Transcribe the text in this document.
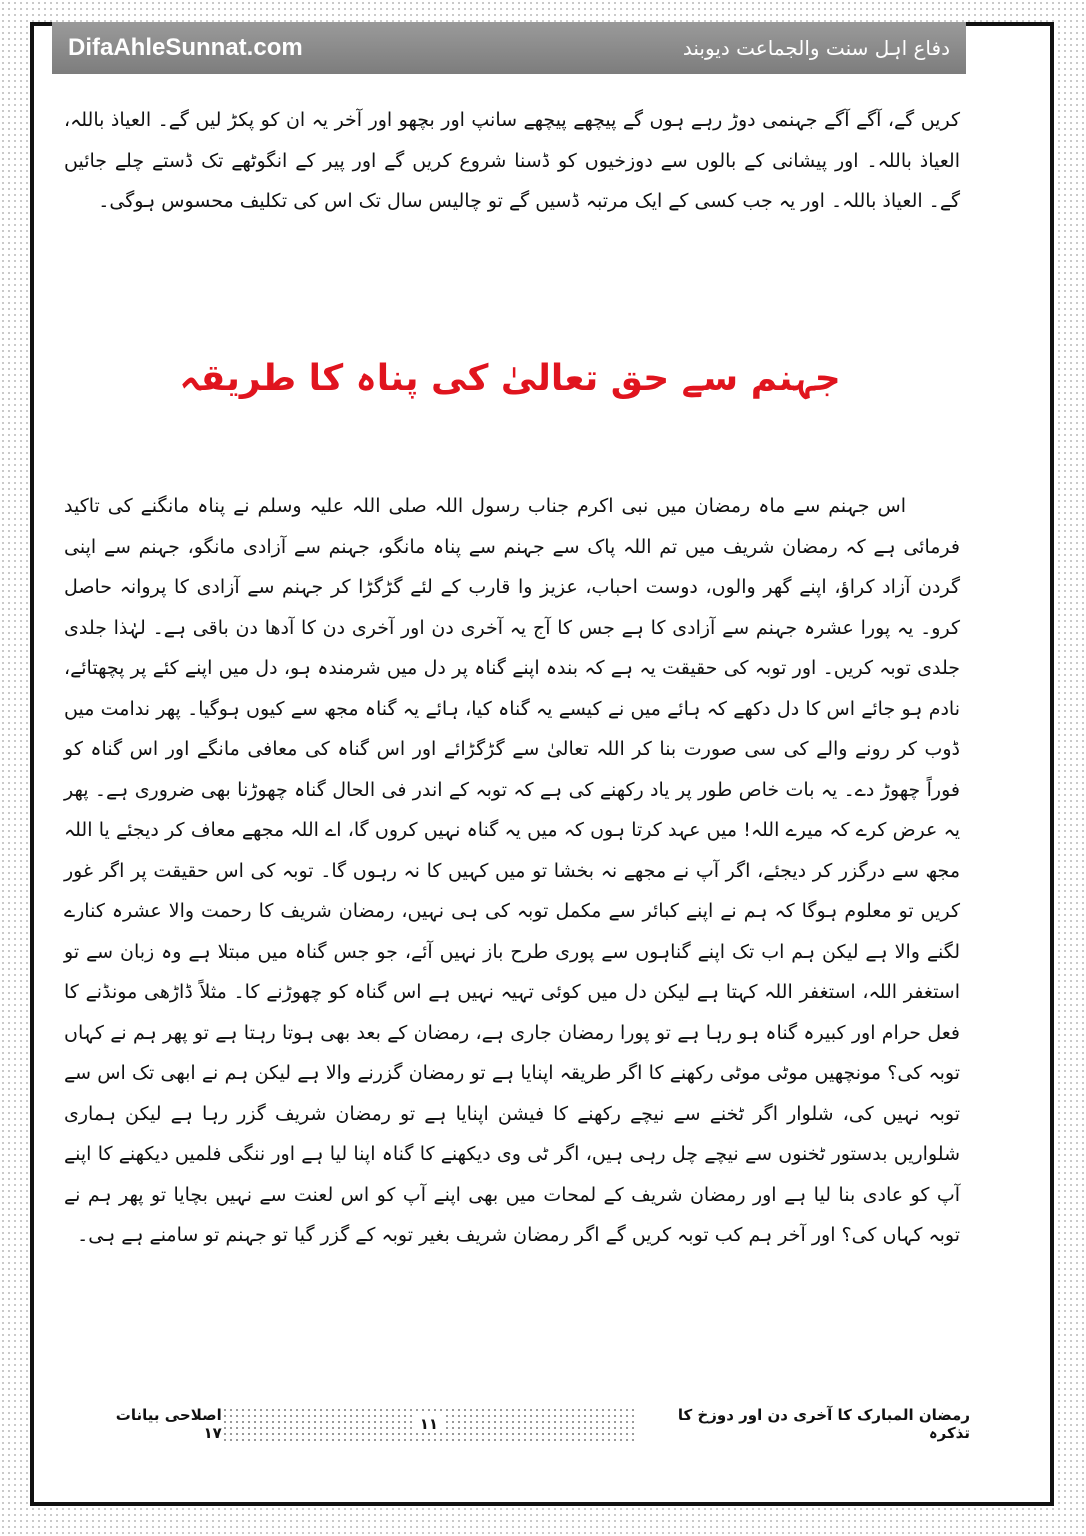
DifaAhleSunnat.com	دفاع اہل سنت والجماعت دیوبند

کریں گے، آگے آگے جہنمی دوڑ رہے ہوں گے پیچھے پیچھے سانپ اور بچھو اور آخر یہ ان کو پکڑ لیں گے۔ العیاذ باللہ، العیاذ باللہ۔ اور پیشانی کے بالوں سے دوزخیوں کو ڈسنا شروع کریں گے اور پیر کے انگوٹھے تک ڈستے چلے جائیں گے۔ العیاذ باللہ۔ اور یہ جب کسی کے ایک مرتبہ ڈسیں گے تو چالیس سال تک اس کی تکلیف محسوس ہوگی۔

جہنم سے حق تعالیٰ کی پناہ کا طریقہ

اس جہنم سے ماہ رمضان میں نبی اکرم جناب رسول اللہ صلی اللہ علیہ وسلم نے پناہ مانگنے کی تاکید فرمائی ہے کہ رمضان شریف میں تم اللہ پاک سے جہنم سے پناہ مانگو، جہنم سے آزادی مانگو، جہنم سے اپنی گردن آزاد کراؤ، اپنے گھر والوں، دوست احباب، عزیز وا قارب کے لئے گڑگڑا کر جہنم سے آزادی کا پروانہ حاصل کرو۔ یہ پورا عشرہ جہنم سے آزادی کا ہے جس کا آج یہ آخری دن اور آخری دن کا آدھا دن باقی ہے۔ لہٰذا جلدی جلدی توبہ کریں۔ اور توبہ کی حقیقت یہ ہے کہ بندہ اپنے گناہ پر دل میں شرمندہ ہو، دل میں اپنے کئے پر پچھتائے، نادم ہو جائے اس کا دل دکھے کہ ہائے میں نے کیسے یہ گناہ کیا، ہائے یہ گناہ مجھ سے کیوں ہوگیا۔ پھر ندامت میں ڈوب کر رونے والے کی سی صورت بنا کر اللہ تعالیٰ سے گڑگڑائے اور اس گناہ کی معافی مانگے اور اس گناہ کو فوراً چھوڑ دے۔ یہ بات خاص طور پر یاد رکھنے کی ہے کہ توبہ کے اندر فی الحال گناہ چھوڑنا بھی ضروری ہے۔ پھر یہ عرض کرے کہ میرے اللہ! میں عہد کرتا ہوں کہ میں یہ گناہ نہیں کروں گا، اے اللہ مجھے معاف کر دیجئے یا اللہ مجھ سے درگزر کر دیجئے، اگر آپ نے مجھے نہ بخشا تو میں کہیں کا نہ رہوں گا۔ توبہ کی اس حقیقت پر اگر غور کریں تو معلوم ہوگا کہ ہم نے اپنے کبائر سے مکمل توبہ کی ہی نہیں، رمضان شریف کا رحمت والا عشرہ کنارے لگنے والا ہے لیکن ہم اب تک اپنے گناہوں سے پوری طرح باز نہیں آئے، جو جس گناہ میں مبتلا ہے وہ زبان سے تو استغفر اللہ، استغفر اللہ کہتا ہے لیکن دل میں کوئی تہیہ نہیں ہے اس گناہ کو چھوڑنے کا۔ مثلاً ڈاڑھی مونڈنے کا فعل حرام اور کبیرہ گناہ ہو رہا ہے تو پورا رمضان جاری ہے، رمضان کے بعد بھی ہوتا رہتا ہے تو پھر ہم نے کہاں توبہ کی؟ مونچھیں موٹی موٹی رکھنے کا اگر طریقہ اپنایا ہے تو رمضان گزرنے والا ہے لیکن ہم نے ابھی تک اس سے توبہ نہیں کی، شلوار اگر ٹخنے سے نیچے رکھنے کا فیشن اپنایا ہے تو رمضان شریف گزر رہا ہے لیکن ہماری شلواریں بدستور ٹخنوں سے نیچے چل رہی ہیں، اگر ٹی وی دیکھنے کا گناہ اپنا لیا ہے اور ننگی فلمیں دیکھنے کا اپنے آپ کو عادی بنا لیا ہے اور رمضان شریف کے لمحات میں بھی اپنے آپ کو اس لعنت سے نہیں بچایا تو پھر ہم نے توبہ کہاں کی؟ اور آخر ہم کب توبہ کریں گے اگر رمضان شریف بغیر توبہ کے گزر گیا تو جہنم تو سامنے ہے ہی۔

اصلاحی بیانات ۱۷	۱۱	رمضان المبارک کا آخری دن اور دوزخ کا تذکرہ
